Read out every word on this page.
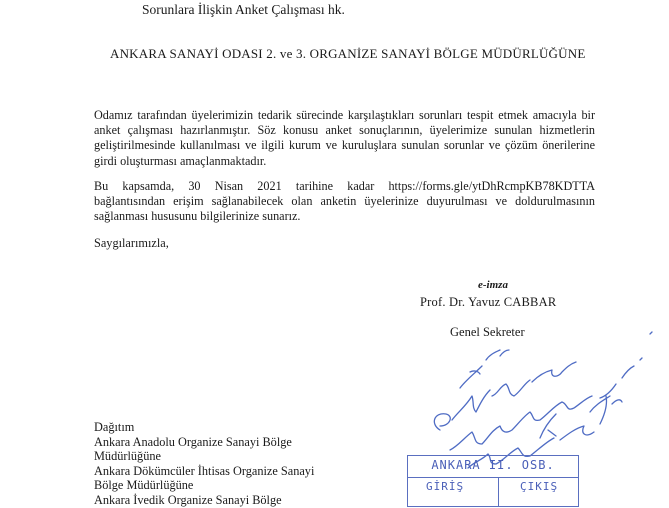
Sorunlara İlişkin Anket Çalışması hk.
ANKARA SANAYİ ODASI 2. ve 3. ORGANİZE SANAYİ BÖLGE MÜDÜRLÜĞÜNE
Odamız tarafından üyelerimizin tedarik sürecinde karşılaştıkları sorunları tespit etmek amacıyla bir
anket çalışması hazırlanmıştır. Söz konusu anket sonuçlarının, üyelerimize sunulan hizmetlerin
geliştirilmesinde kullanılması ve ilgili kurum ve kuruluşlara sunulan sorunlar ve çözüm önerilerine
girdi oluşturması amaçlanmaktadır.
Bu kapsamda, 30 Nisan 2021 tarihine kadar https://forms.gle/ytDhRcmpKB78KDTTA
bağlantısından erişim sağlanabilecek olan anketin üyelerinize duyurulması ve doldurulmasının
sağlanması hususunu bilgilerinize sunarız.
Saygılarımızla,
e-imza
Prof. Dr. Yavuz CABBAR
Genel Sekreter
Dağıtım
Ankara Anadolu Organize Sanayi Bölge
Müdürlüğüne
Ankara Dökümcüler İhtisas Organize Sanayi
Bölge Müdürlüğüne
Ankara İvedik Organize Sanayi Bölge
ANKARA II. OSB.
GİRİŞ	ÇIKIŞ
